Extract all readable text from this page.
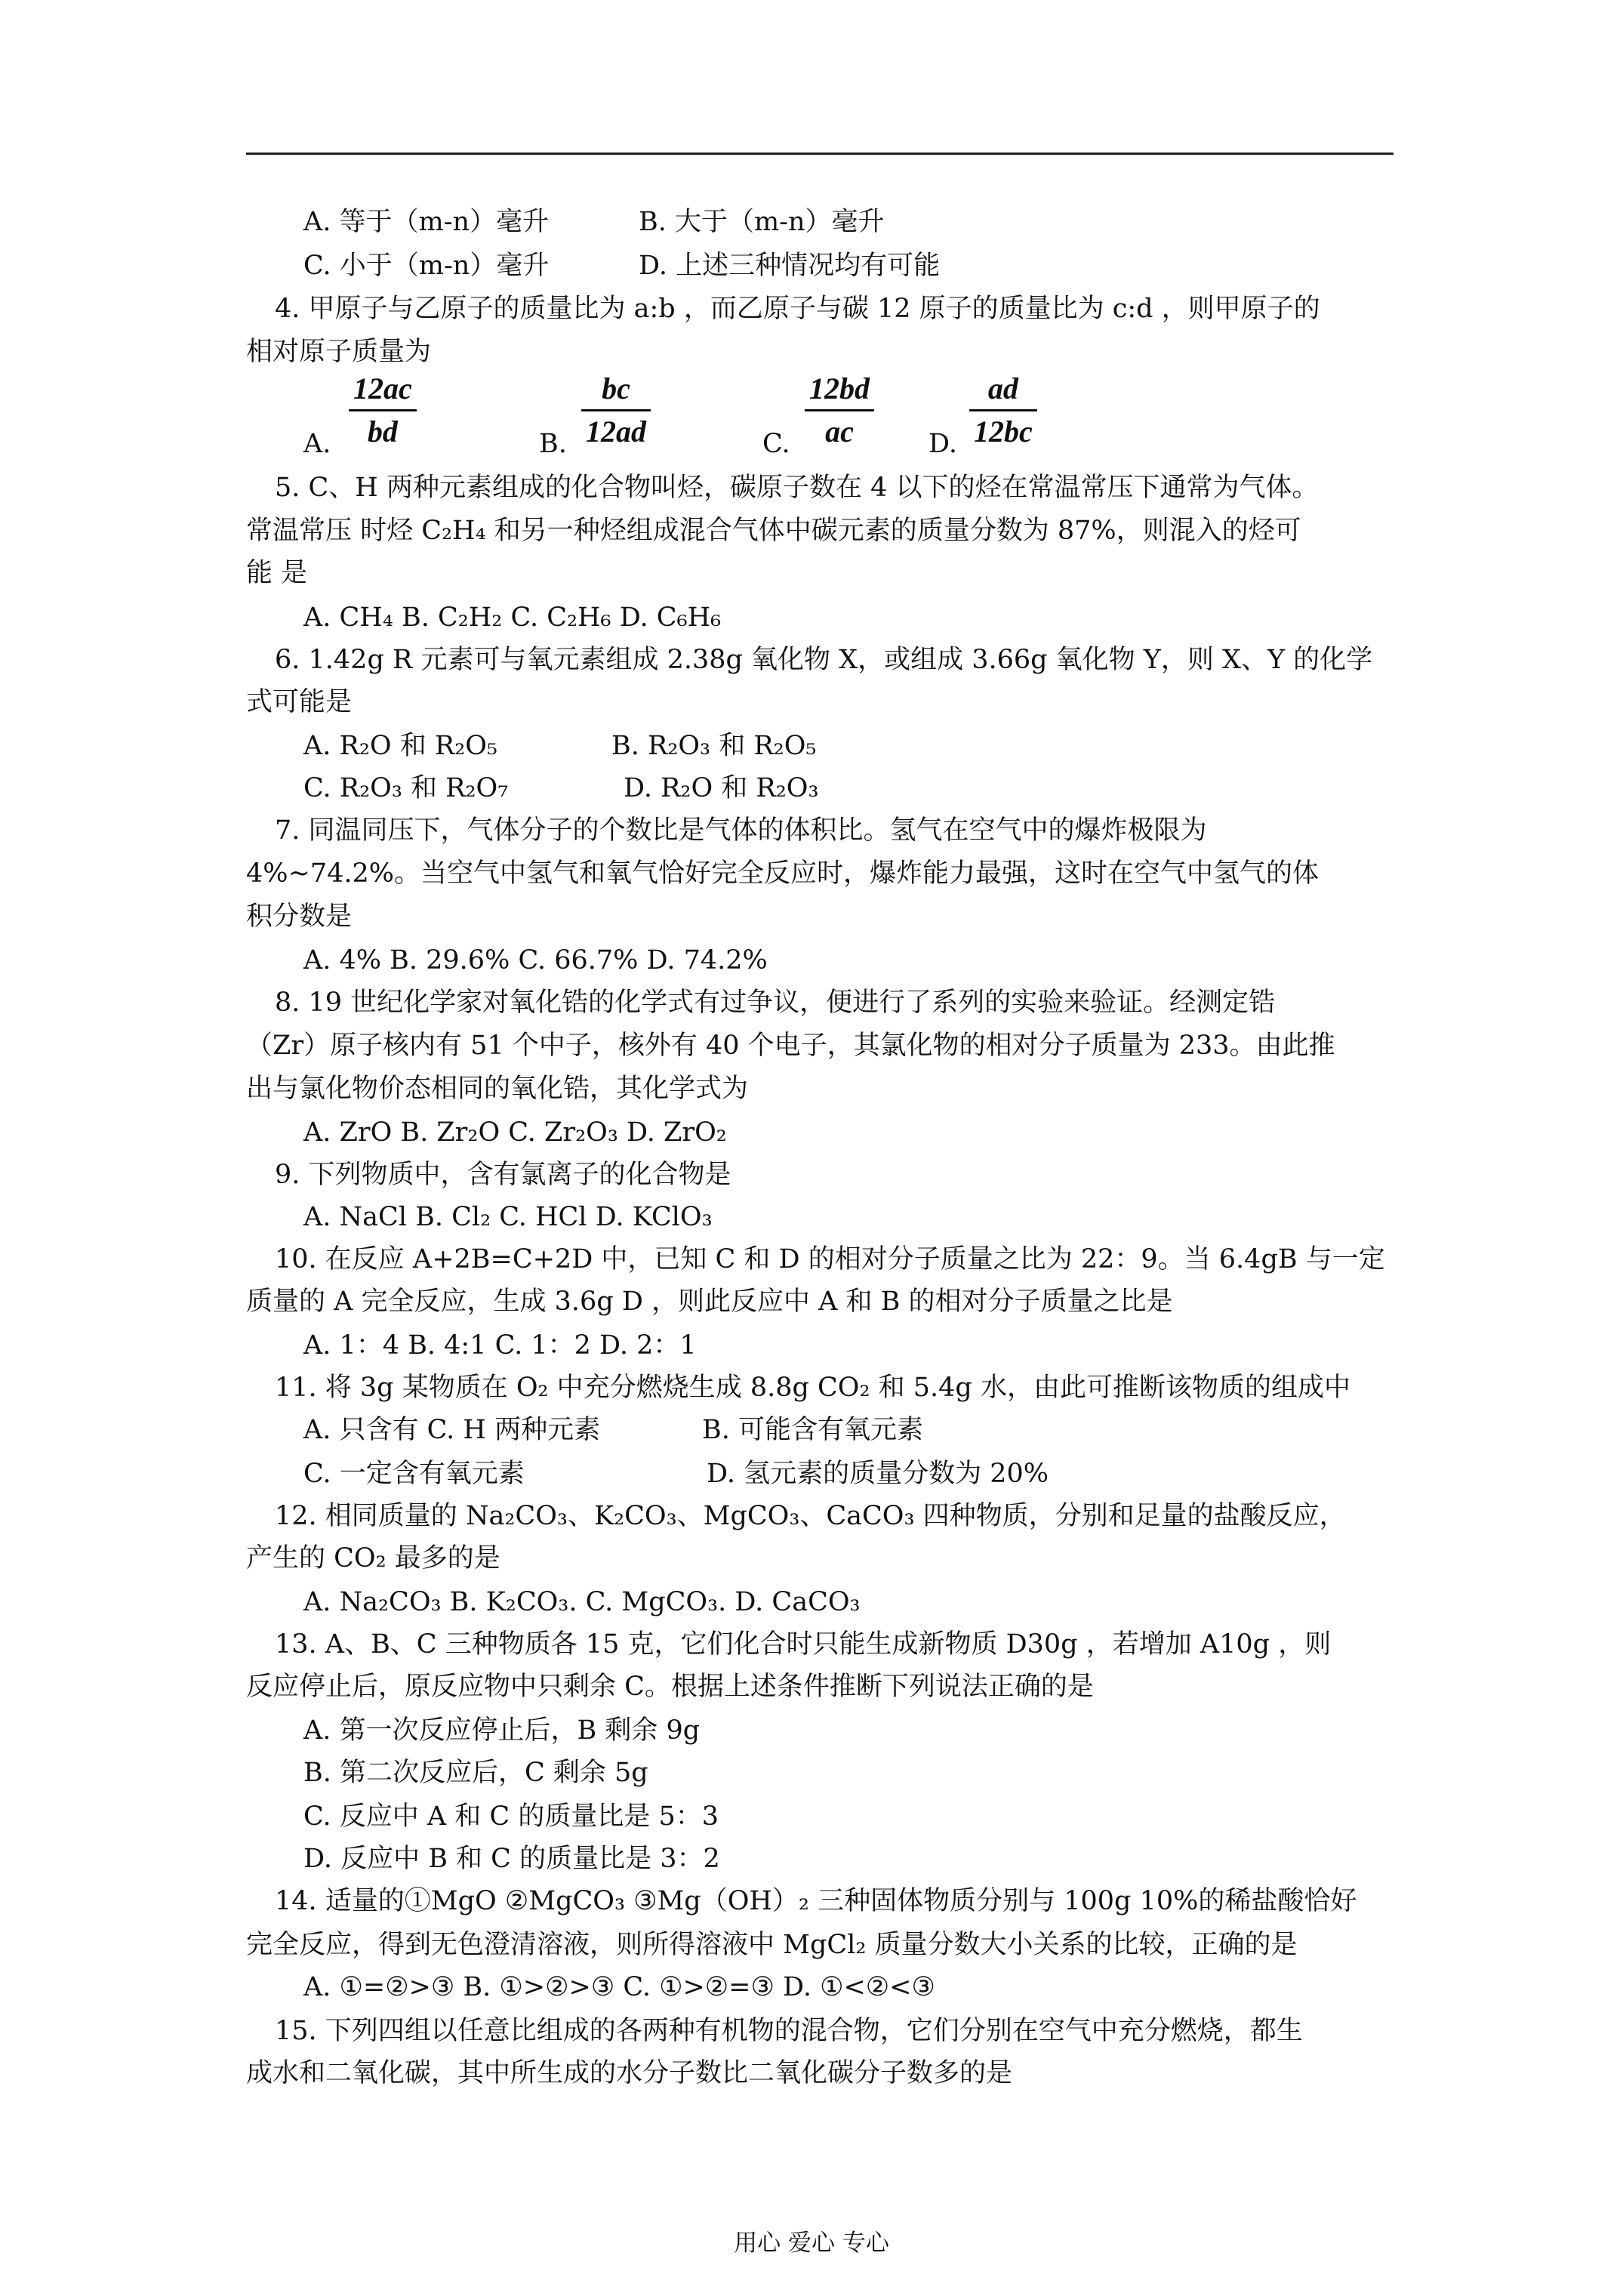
A. 等于（m-n）毫升	B. 大于（m-n）毫升
C. 小于（m-n）毫升	D. 上述三种情况均有可能
4. 甲原子与乙原子的质量比为 a:b ，而乙原子与碳 12 原子的质量比为 c:d ，则甲原子的
相对原子质量为
A. $\frac{12ac}{bd}$	B. $\frac{bc}{12ad}$	C. $\frac{12bd}{ac} D$. $\frac{ad}{12bc}$
5. C、H 两种元素组成的化合物叫烃，碳原子数在 4 以下的烃在常温常压下通常为气体。
常温常压 时烃 C₂H₄ 和另一种烃组成混合气体中碳元素的质量分数为 87%，则混入的烃可
能 是
A. CH₄ B. C₂H₂ C. C₂H₆ D. C₆H₆
6. 1.42g R 元素可与氧元素组成 2.38g 氧化物 X，或组成 3.66g 氧化物 Y，则 X、Y 的化学
式可能是
A. R₂O 和 R₂O₅	B. R₂O₃ 和 R₂O₅
C. R₂O₃ 和 R₂O₇	D. R₂O 和 R₂O₃
7. 同温同压下，气体分子的个数比是气体的体积比。氢气在空气中的爆炸极限为
4%~74.2%。当空气中氢气和氧气恰好完全反应时，爆炸能力最强，这时在空气中氢气的体
积分数是
A. 4% B. 29.6% C. 66.7% D. 74.2%
8. 19 世纪化学家对氧化锆的化学式有过争议，便进行了系列的实验来验证。经测定锆
（Zr）原子核内有 51 个中子，核外有 40 个电子，其氯化物的相对分子质量为 233。由此推
出与氯化物价态相同的氧化锆，其化学式为
A. ZrO B. Zr₂O C. Zr₂O₃ D. ZrO₂
9. 下列物质中，含有氯离子的化合物是
A. NaCl B. Cl₂ C. HCl D. KClO₃
10. 在反应 A+2B=C+2D 中，已知 C 和 D 的相对分子质量之比为 22：9。当 6.4gB 与一定
质量的 A 完全反应，生成 3.6g D ，则此反应中 A 和 B 的相对分子质量之比是
A. 1：4 B. 4:1 C. 1：2 D. 2：1
11. 将 3g 某物质在 O₂ 中充分燃烧生成 8.8g CO₂ 和 5.4g 水，由此可推断该物质的组成中
A. 只含有 C. H 两种元素	B. 可能含有氧元素
C. 一定含有氧元素	D. 氢元素的质量分数为 20%
12. 相同质量的 Na₂CO₃、K₂CO₃、MgCO₃、CaCO₃ 四种物质，分别和足量的盐酸反应，
产生的 CO₂ 最多的是
A. Na₂CO₃ B. K₂CO₃. C. MgCO₃. D. CaCO₃
13. A、B、C 三种物质各 15 克，它们化合时只能生成新物质 D30g ，若增加 A10g ，则
反应停止后，原反应物中只剩余 C。根据上述条件推断下列说法正确的是
A. 第一次反应停止后，B 剩余 9g
B. 第二次反应后，C 剩余 5g
C. 反应中 A 和 C 的质量比是 5：3
D. 反应中 B 和 C 的质量比是 3：2
14. 适量的①MgO ②MgCO₃ ③Mg（OH）₂ 三种固体物质分别与 100g 10%的稀盐酸恰好
完全反应，得到无色澄清溶液，则所得溶液中 MgCl₂ 质量分数大小关系的比较，正确的是
A. ①=②>③ B. ①>②>③ C. ①>②=③ D. ①<②<③
15. 下列四组以任意比组成的各两种有机物的混合物，它们分别在空气中充分燃烧，都生
成水和二氧化碳，其中所生成的水分子数比二氧化碳分子数多的是
用心 爱心 专心
